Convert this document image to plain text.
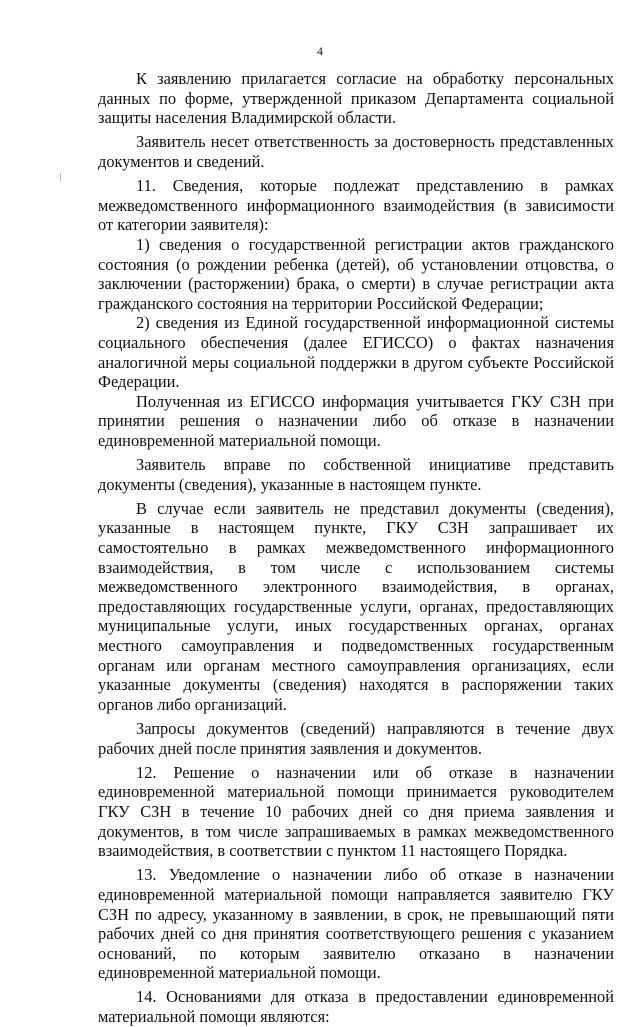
4

К заявлению прилагается согласие на обработку персональных данных по форме, утвержденной приказом Департамента социальной защиты населения Владимирской области.

Заявитель несет ответственность за достоверность представленных документов и сведений.

11. Сведения, которые подлежат представлению в рамках межведомственного информационного взаимодействия (в зависимости от категории заявителя):

1) сведения о государственной регистрации актов гражданского состояния (о рождении ребенка (детей), об установлении отцовства, о заключении (расторжении) брака, о смерти) в случае регистрации акта гражданского состояния на территории Российской Федерации;

2) сведения из Единой государственной информационной системы социального обеспечения (далее ЕГИССО) о фактах назначения аналогичной меры социальной поддержки в другом субъекте Российской Федерации.

Полученная из ЕГИССО информация учитывается ГКУ СЗН при принятии решения о назначении либо об отказе в назначении единовременной материальной помощи.

Заявитель вправе по собственной инициативе представить документы (сведения), указанные в настоящем пункте.

В случае если заявитель не представил документы (сведения), указанные в настоящем пункте, ГКУ СЗН запрашивает их самостоятельно в рамках межведомственного информационного взаимодействия, в том числе с использованием системы межведомственного электронного взаимодействия, в органах, предоставляющих государственные услуги, органах, предоставляющих муниципальные услуги, иных государственных органах, органах местного самоуправления и подведомственных государственным органам или органам местного самоуправления организациях, если указанные документы (сведения) находятся в распоряжении таких органов либо организаций.

Запросы документов (сведений) направляются в течение двух рабочих дней после принятия заявления и документов.

12. Решение о назначении или об отказе в назначении единовременной материальной помощи принимается руководителем ГКУ СЗН в течение 10 рабочих дней со дня приема заявления и документов, в том числе запрашиваемых в рамках межведомственного взаимодействия, в соответствии с пунктом 11 настоящего Порядка.

13. Уведомление о назначении либо об отказе в назначении единовременной материальной помощи направляется заявителю ГКУ СЗН по адресу, указанному в заявлении, в срок, не превышающий пяти рабочих дней со дня принятия соответствующего решения с указанием оснований, по которым заявителю отказано в назначении единовременной материальной помощи.

14. Основаниями для отказа в предоставлении единовременной материальной помощи являются:
